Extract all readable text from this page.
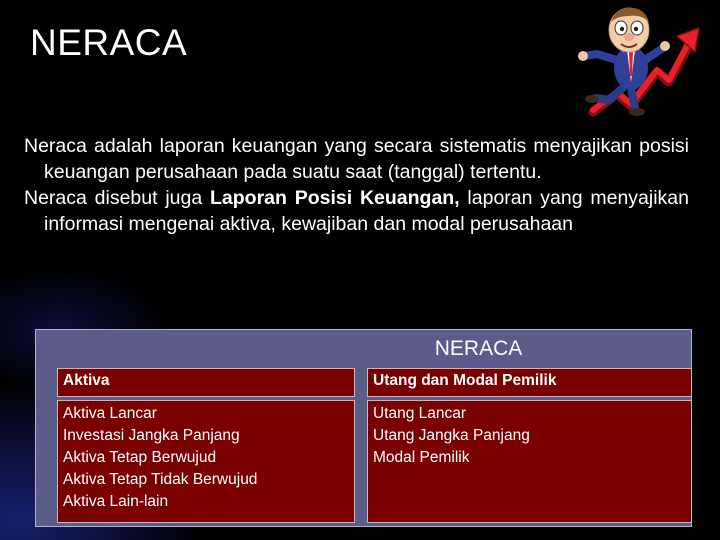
NERACA

Neraca adalah laporan keuangan yang secara sistematis menyajikan posisi keuangan perusahaan pada suatu saat (tanggal) tertentu.

Neraca disebut juga Laporan Posisi Keuangan, laporan yang menyajikan informasi mengenai aktiva, kewajiban dan modal perusahaan

NERACA
Aktiva	Utang dan Modal Pemilik
Aktiva Lancar
Investasi Jangka Panjang
Aktiva Tetap Berwujud
Aktiva Tetap Tidak Berwujud
Aktiva Lain-lain
Utang Lancar
Utang Jangka Panjang
Modal Pemilik
